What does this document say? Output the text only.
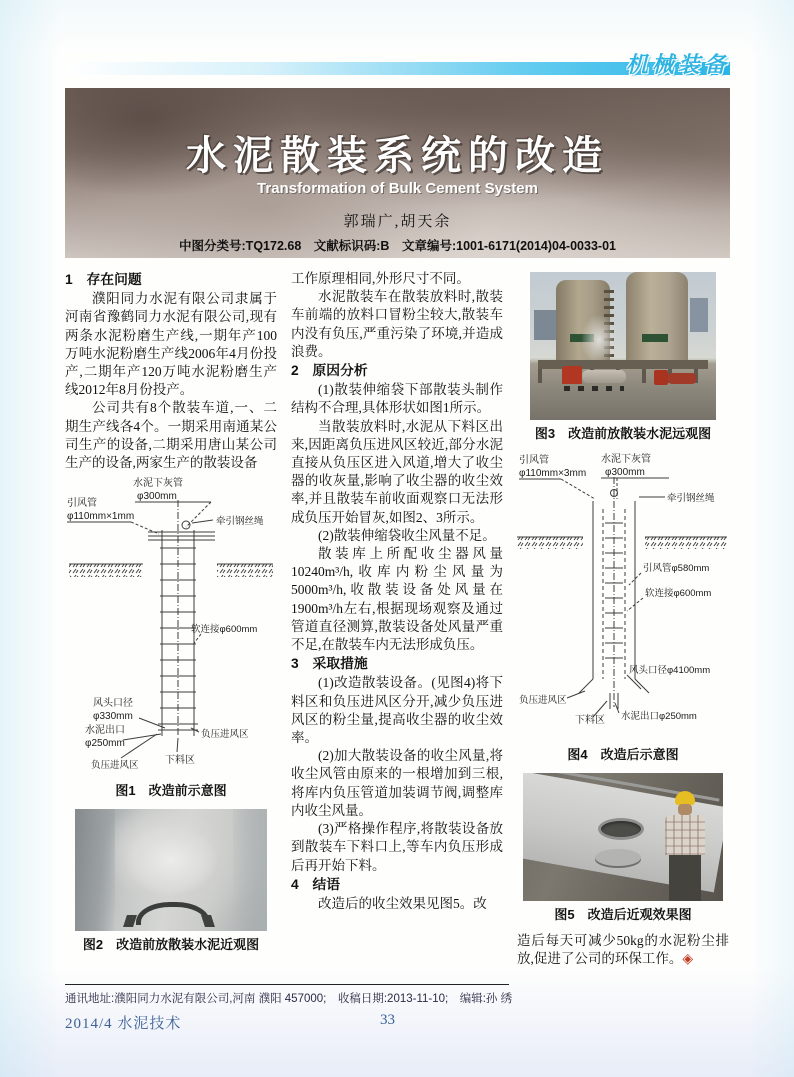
机械装备
水泥散装系统的改造
Transformation of Bulk Cement System
郭瑞广,胡天余
中图分类号:TQ172.68　文献标识码:B　文章编号:1001-6171(2014)04-0033-01
1　存在问题

濮阳同力水泥有限公司隶属于河南省豫鹤同力水泥有限公司,现有两条水泥粉磨生产线,一期年产100万吨水泥粉磨生产线2006年4月份投产,二期年产120万吨水泥粉磨生产线2012年8月份投产。

公司共有8个散装车道,一、二期生产线各4个。一期采用南通某公司生产的设备,二期采用唐山某公司生产的设备,两家生产的散装设备

水泥下灰管
φ300mm
引风管
φ110mm×1mm	牵引钢丝绳
软连接φ600mm
风头口径
φ330mm
水泥出口
φ250mm
负压进风区
下料区
负压进风区
图1　改造前示意图
图2　改造前放散装水泥近观图

工作原理相同,外形尺寸不同。

水泥散装车在散装放料时,散装车前端的放料口冒粉尘较大,散装车内没有负压,严重污染了环境,并造成浪费。

2　原因分析

(1)散装伸缩袋下部散装头制作结构不合理,具体形状如图1所示。

当散装放料时,水泥从下料区出来,因距离负压进风区较近,部分水泥直接从负压区进入风道,增大了收尘器的收灰量,影响了收尘器的收尘效率,并且散装车前收面观察口无法形成负压开始冒灰,如图2、3所示。

(2)散装伸缩袋收尘风量不足。

散装库上所配收尘器风量10240m³/h,收库内粉尘风量为5000m³/h,收散装设备处风量在1900m³/h左右,根据现场观察及通过管道直径测算,散装设备处风量严重不足,在散装车内无法形成负压。

3　采取措施

(1)改造散装设备。(见图4)将下料区和负压进风区分开,减少负压进风区的粉尘量,提高收尘器的收尘效率。

(2)加大散装设备的收尘风量,将收尘风管由原来的一根增加到三根,将库内负压管道加装调节阀,调整库内收尘风量。

(3)严格操作程序,将散装设备放到散装车下料口上,等车内负压形成后再开始下料。

4　结语

改造后的收尘效果见图5。改

图3　改造前放散装水泥远观图
引风管
φ110mm×3mm
水泥下灰管
φ300mm
牵引钢丝绳
引风管φ580mm
软连接φ600mm
风头口径φ4100mm
负压进风区
下料区 水泥出口φ250mm
图4　改造后示意图
图5　改造后近观效果图

造后每天可减少50kg的水泥粉尘排放,促进了公司的环保工作。◈

通讯地址:濮阳同力水泥有限公司,河南 濮阳 457000;　收稿日期:2013-11-10;　编辑:孙 绣
2014/4 水泥技术	33
